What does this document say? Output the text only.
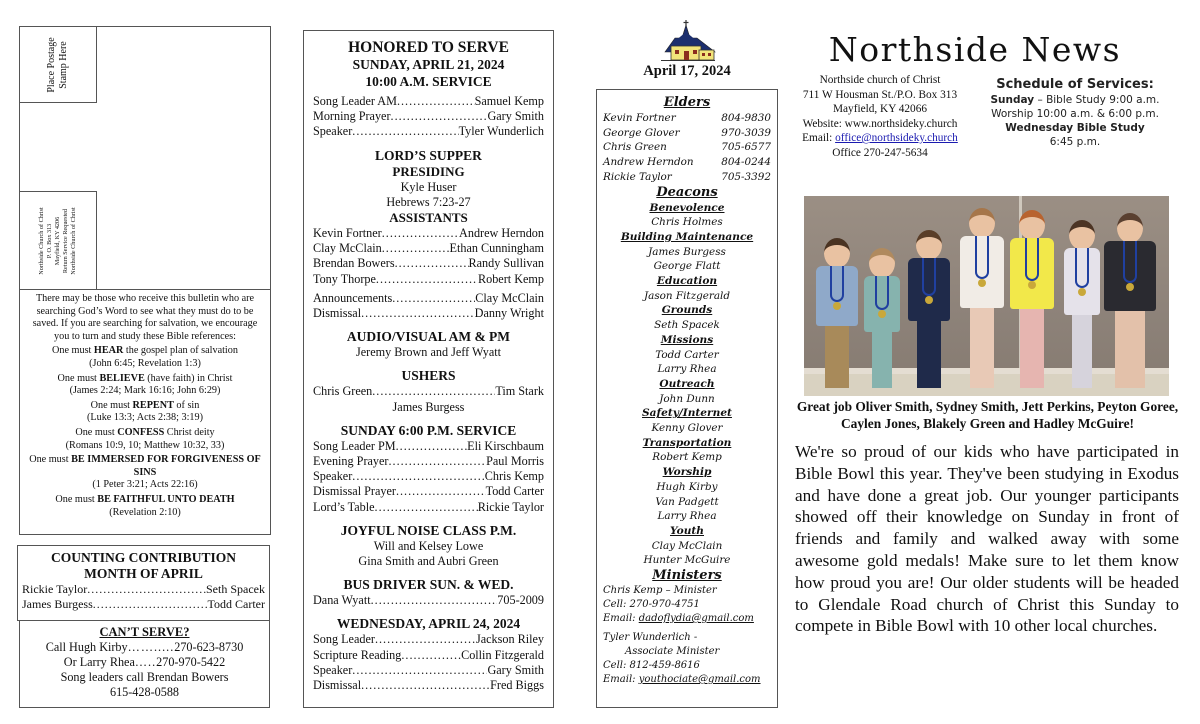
Place Postage Stamp Here
Northside Church of Christ P. O. Box 313 Mayfield, KY 4206 Return Service Requested Northside Church of Christ
There may be those who receive this bulletin who are searching God’s Word to see what they must do to be saved. If you are searching for salvation, we encourage you to turn and study these Bible references:
One must HEAR the gospel plan of salvation
(John 6:45; Revelation 1:3)
One must BELIEVE (have faith) in Christ
(James 2:24; Mark 16:16; John 6:29)
One must REPENT of sin
(Luke 13:3; Acts 2:38; 3:19)
One must CONFESS Christ deity
(Romans 10:9, 10; Matthew 10:32, 33)
One must BE IMMERSED FOR FORGIVENESS OF SINS
(1 Peter 3:21; Acts 22:16)
One must BE FAITHFUL UNTO DEATH
(Revelation 2:10)
COUNTING CONTRIBUTION
MONTH OF APRIL
Rickie Taylor .....	Seth Spacek
James Burgess .....	Todd Carter
CAN’T SERVE?
Call Hugh Kirby ……..... 270-623-8730
Or Larry Rhea ….. 270-970-5422
Song leaders call Brendan Bowers
615-428-0588
HONORED TO SERVE
SUNDAY, APRIL 21, 2024
10:00 A.M. SERVICE
Song Leader AM .....	Samuel Kemp
Morning Prayer .....	Gary Smith
Speaker .....	Tyler Wunderlich
LORD’S SUPPER
PRESIDING
Kyle Huser
Hebrews 7:23-27
ASSISTANTS
Kevin Fortner .....	Andrew Herndon
Clay McClain .....	Ethan Cunningham
Brendan Bowers .....	Randy Sullivan
Tony Thorpe .....	Robert Kemp
Announcements .....	Clay McClain
Dismissal .....	Danny Wright
AUDIO/VISUAL AM & PM
Jeremy Brown and Jeff Wyatt
USHERS
Chris Green .....	Tim Stark
James Burgess
SUNDAY 6:00 P.M. SERVICE
Song Leader PM .....	Eli Kirschbaum
Evening Prayer .....	Paul Morris
Speaker .....	Chris Kemp
Dismissal Prayer .....	Todd Carter
Lord’s Table .....	Rickie Taylor
JOYFUL NOISE CLASS P.M.
Will and Kelsey Lowe
Gina Smith and Aubri Green
BUS DRIVER SUN. & WED.
Dana Wyatt .....	705-2009
WEDNESDAY, APRIL 24, 2024
Song Leader .....	Jackson Riley
Scripture Reading .....	Collin Fitzgerald
Speaker .....	Gary Smith
Dismissal .....	Fred Biggs
April 17, 2024
Elders
Kevin Fortner	804-9830
George Glover	970-3039
Chris Green	705-6577
Andrew Herndon	804-0244
Rickie Taylor	705-3392
Deacons
Benevolence
Chris Holmes
Building Maintenance
James Burgess
George Flatt
Education
Jason Fitzgerald
Grounds
Seth Spacek
Missions
Todd Carter
Larry Rhea
Outreach
John Dunn
Safety/Internet
Kenny Glover
Transportation
Robert Kemp
Worship
Hugh Kirby
Van Padgett
Larry Rhea
Youth
Clay McClain
Hunter McGuire
Ministers
Chris Kemp – Minister
Cell: 270-970-4751
Email: dadoflydia@gmail.com
Tyler Wunderlich -
Associate Minister
Cell: 812-459-8616
Email: youthociate@gmail.com
Northside News
Northside church of Christ
711 W Housman St./P.O. Box 313
Mayfield, KY 42066
Website: www.northsideky.church
Email: office@northsideky.church
Office 270-247-5634
Schedule of Services:
Sunday – Bible Study 9:00 a.m.
Worship 10:00 a.m. & 6:00 p.m.
Wednesday Bible Study
6:45 p.m.
Great job Oliver Smith, Sydney Smith, Jett Perkins, Peyton Goree, Caylen Jones, Blakely Green and Hadley McGuire!
We're so proud of our kids who have participated in Bible Bowl this year. They've been studying in Exodus and have done a great job. Our younger participants showed off their knowledge on Sunday in front of friends and family and walked away with some awesome gold medals! Make sure to let them know how proud you are! Our older students will be headed to Glendale Road church of Christ this Sunday to compete in Bible Bowl with 10 other local churches.
